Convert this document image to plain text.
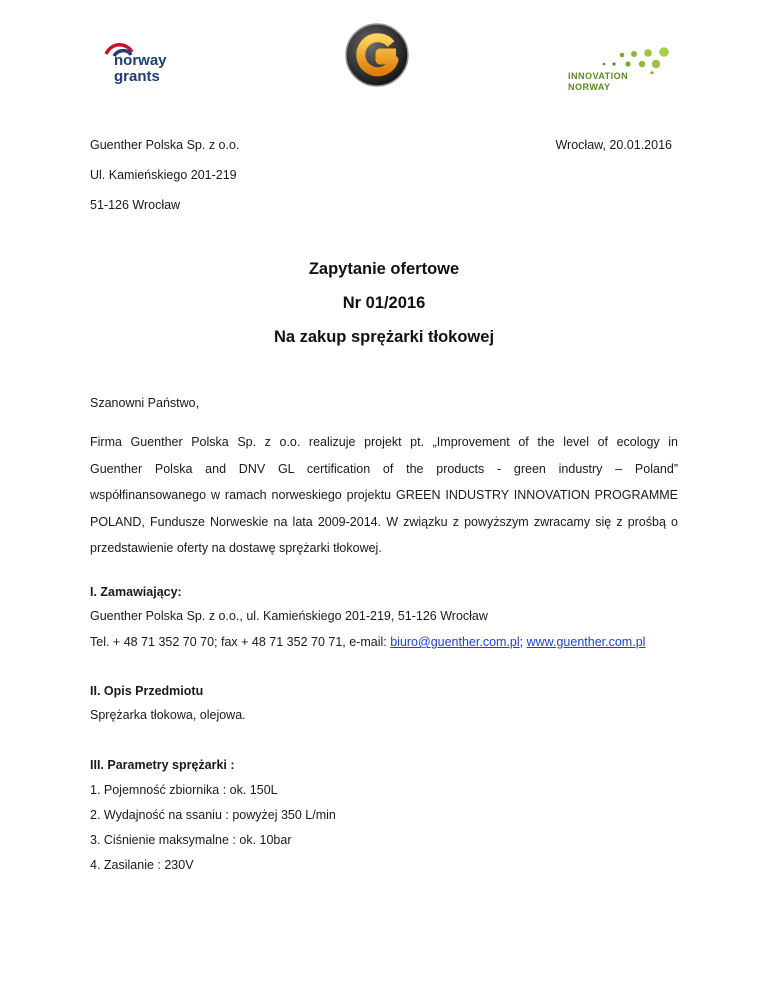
norway
grants	INNOVATION
NORWAY
Guenther Polska Sp. z o.o.	Wrocław, 20.01.2016
Ul. Kamieńskiego 201-219
51-126 Wrocław
Zapytanie ofertowe
Nr 01/2016
Na zakup sprężarki tłokowej
Szanowni Państwo,
Firma Guenther Polska Sp. z o.o. realizuje projekt pt. „Improvement of the level of ecology in
Guenther Polska and DNV GL certification of the products - green industry – Poland”
współfinansowanego w ramach norweskiego projektu GREEN INDUSTRY INNOVATION PROGRAMME
POLAND, Fundusze Norweskie na lata 2009-2014. W związku z powyższym zwracamy się z prośbą o
przedstawienie oferty na dostawę sprężarki tłokowej.
I. Zamawiający:
Guenther Polska Sp. z o.o., ul. Kamieńskiego 201-219, 51-126 Wrocław
Tel. + 48 71 352 70 70; fax + 48 71 352 70 71, e-mail: biuro@guenther.com.pl; www.guenther.com.pl
II. Opis Przedmiotu
Sprężarka tłokowa, olejowa.
III. Parametry sprężarki :
1. Pojemność zbiornika : ok. 150L
2. Wydajność na ssaniu : powyżej 350 L/min
3. Ciśnienie maksymalne : ok. 10bar
4. Zasilanie : 230V
